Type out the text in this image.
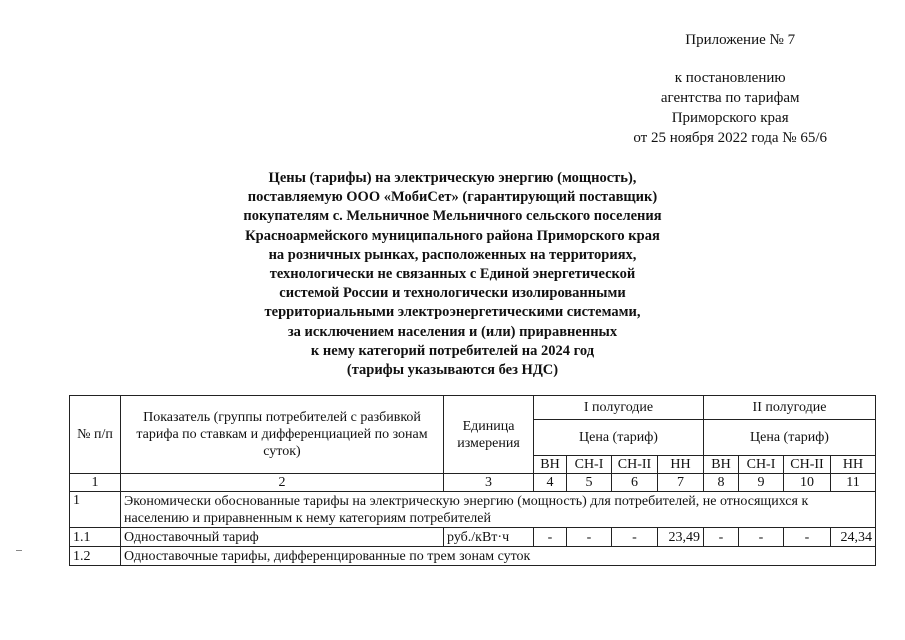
Приложение № 7
к постановлению
агентства по тарифам
Приморского края
от 25 ноября 2022 года № 65/6
Цены (тарифы) на электрическую энергию (мощность),
поставляемую ООО «МобиСет» (гарантирующий поставщик)
покупателям с. Мельничное Мельничного сельского поселения
Красноармейского муниципального района Приморского края
на розничных рынках, расположенных на территориях,
технологически не связанных с Единой энергетической
системой России и технологически изолированными
территориальными электроэнергетическими системами,
за исключением населения и (или) приравненных
к нему категорий потребителей на 2024 год
(тарифы указываются без НДС)
№ п/п	Показатель (группы потребителей с разбивкой тарифа по ставкам и дифференциацией по зонам суток)	Единица измерения	I полугодие				II полугодие			
			Цена (тариф)				Цена (тариф)			
			ВН	СН-I	СН-II	НН	ВН	СН-I	СН-II	НН
1	2	3	4	5	6	7	8	9	10	11
1	Экономически обоснованные тарифы на электрическую энергию (мощность) для потребителей, не относящихся к населению и приравненным к нему категориям потребителей									
1.1	Одноставочный тариф	руб./кВт·ч	-	-	-	23,49	-	-	-	24,34
1.2	Одноставочные тарифы, дифференцированные по трем зонам суток									
